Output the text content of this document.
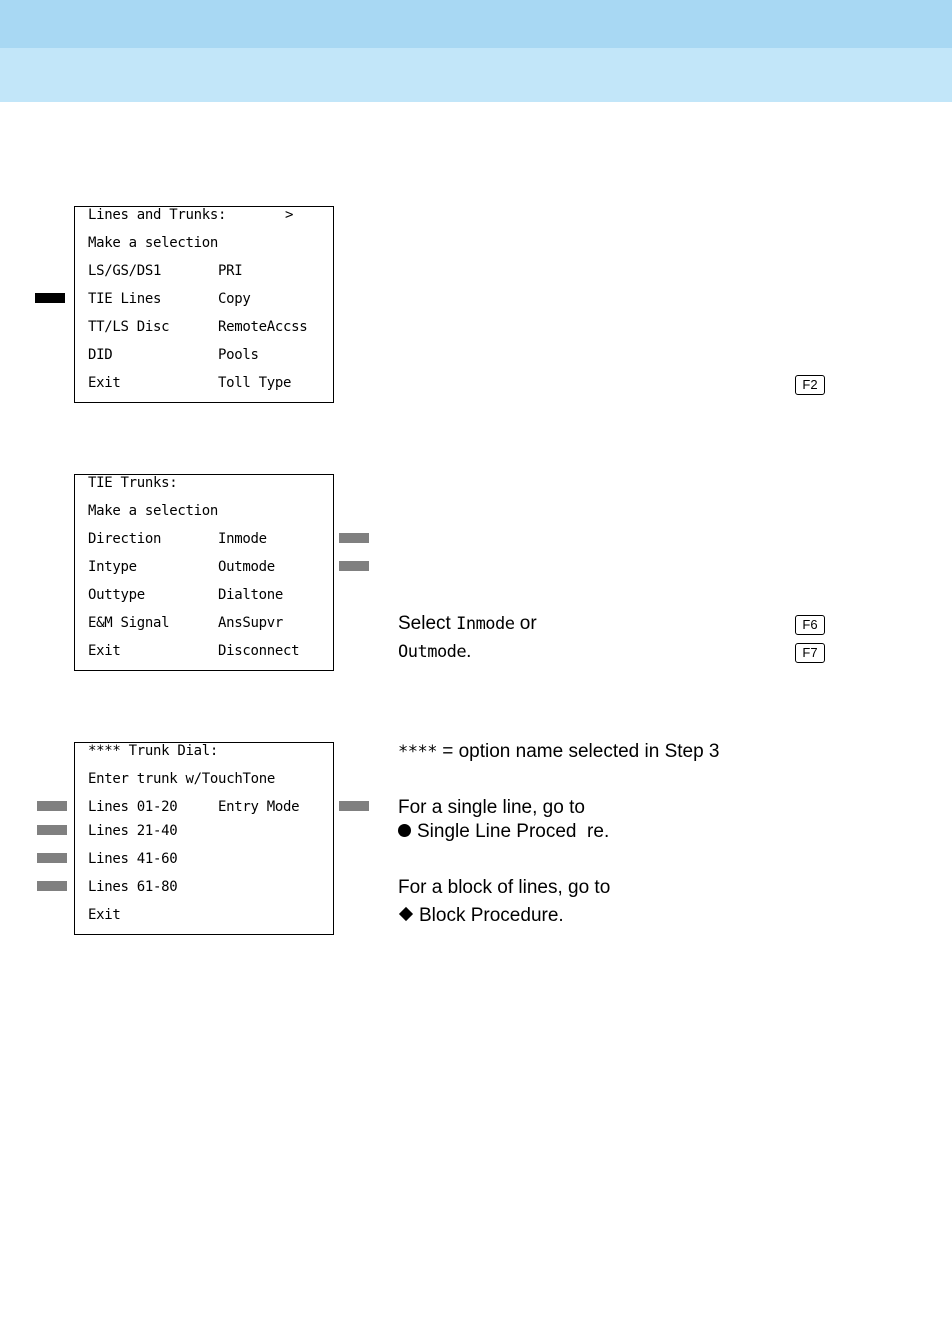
Lines and Trunks:	>
Make a selection
LS/GS/DS1	PRI
TIE Lines	Copy
TT/LS Disc	RemoteAccss
DID	Pools
Exit	Toll Type	F2
TIE Trunks:
Make a selection
Direction	Inmode
Intype	Outmode
Outtype	Dialtone
E&M Signal	AnsSupvr
Exit	Disconnect
Select Inmode or
Outmode.
F6
F7
**** Trunk Dial:
Enter trunk w/TouchTone
Lines 01-20	Entry Mode
Lines 21-40
Lines 41-60
Lines 61-80
Exit
**** = option name selected in Step 3
For a single line, go to
Single Line Proced  re.
For a block of lines, go to
Block Procedure.
